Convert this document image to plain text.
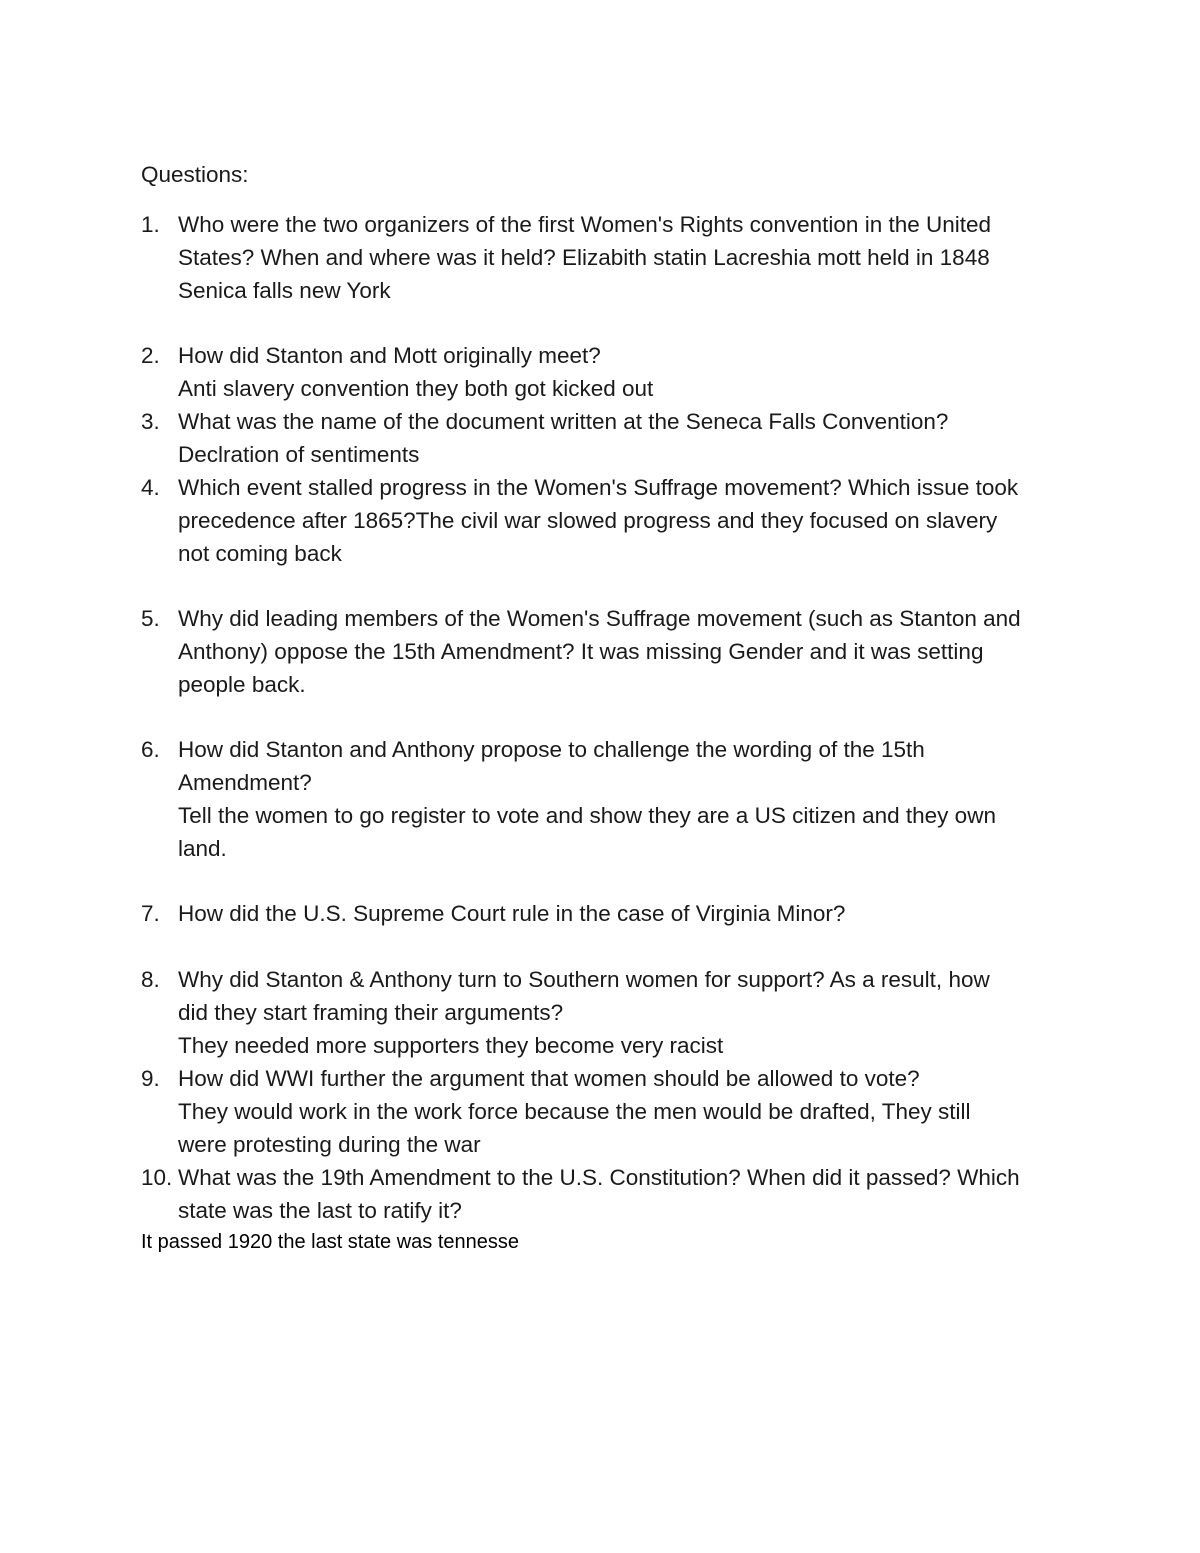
Questions:
1. Who were the two organizers of the first Women's Rights convention in the United
States? When and where was it held? Elizabith statin Lacreshia mott held in 1848
Senica falls new York
2. How did Stanton and Mott originally meet?
Anti slavery convention they both got kicked out
3. What was the name of the document written at the Seneca Falls Convention?
Declration of sentiments
4. Which event stalled progress in the Women's Suffrage movement? Which issue took
precedence after 1865?The civil war slowed progress and they focused on slavery
not coming back
5. Why did leading members of the Women's Suffrage movement (such as Stanton and
Anthony) oppose the 15th Amendment? It was missing Gender and it was setting
people back.
6. How did Stanton and Anthony propose to challenge the wording of the 15th
Amendment?
Tell the women to go register to vote and show they are a US citizen and they own
land.
7. How did the U.S. Supreme Court rule in the case of Virginia Minor?
8. Why did Stanton & Anthony turn to Southern women for support? As a result, how
did they start framing their arguments?
They needed more supporters they become very racist
9. How did WWI further the argument that women should be allowed to vote?
They would work in the work force because the men would be drafted, They still
were protesting during the war
10. What was the 19th Amendment to the U.S. Constitution? When did it passed? Which
state was the last to ratify it?
It passed 1920 the last state was tennesse
